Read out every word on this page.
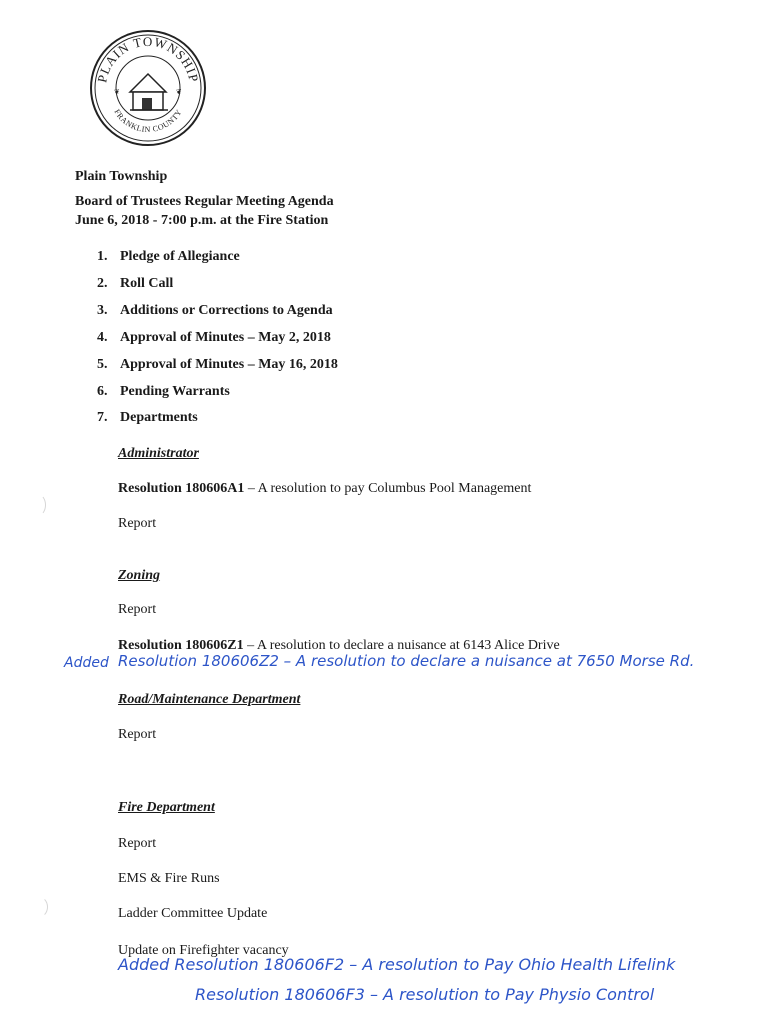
PLAIN TOWNSHIP
FRANKLIN COUNTY
❦	❦
Plain Township
Board of Trustees Regular Meeting Agenda
June 6, 2018 - 7:00 p.m. at the Fire Station
1. Pledge of Allegiance
2. Roll Call
3. Additions or Corrections to Agenda
4. Approval of Minutes – May 2, 2018
5. Approval of Minutes – May 16, 2018
6. Pending Warrants
7. Departments
Administrator
Resolution 180606A1 – A resolution to pay Columbus Pool Management
Report
Zoning
Report
Resolution 180606Z1 – A resolution to declare a nuisance at 6143 Alice Drive
Added Resolution 180606Z2 – A resolution to declare a nuisance at 7650 Morse Rd.
Road/Maintenance Department
Report
Fire Department
Report
EMS & Fire Runs
Ladder Committee Update
Update on Firefighter vacancy
Added Resolution 180606F2 – A resolution to Pay Ohio Health Lifelink
Resolution 180606F3 – A resolution to Pay Physio Control
